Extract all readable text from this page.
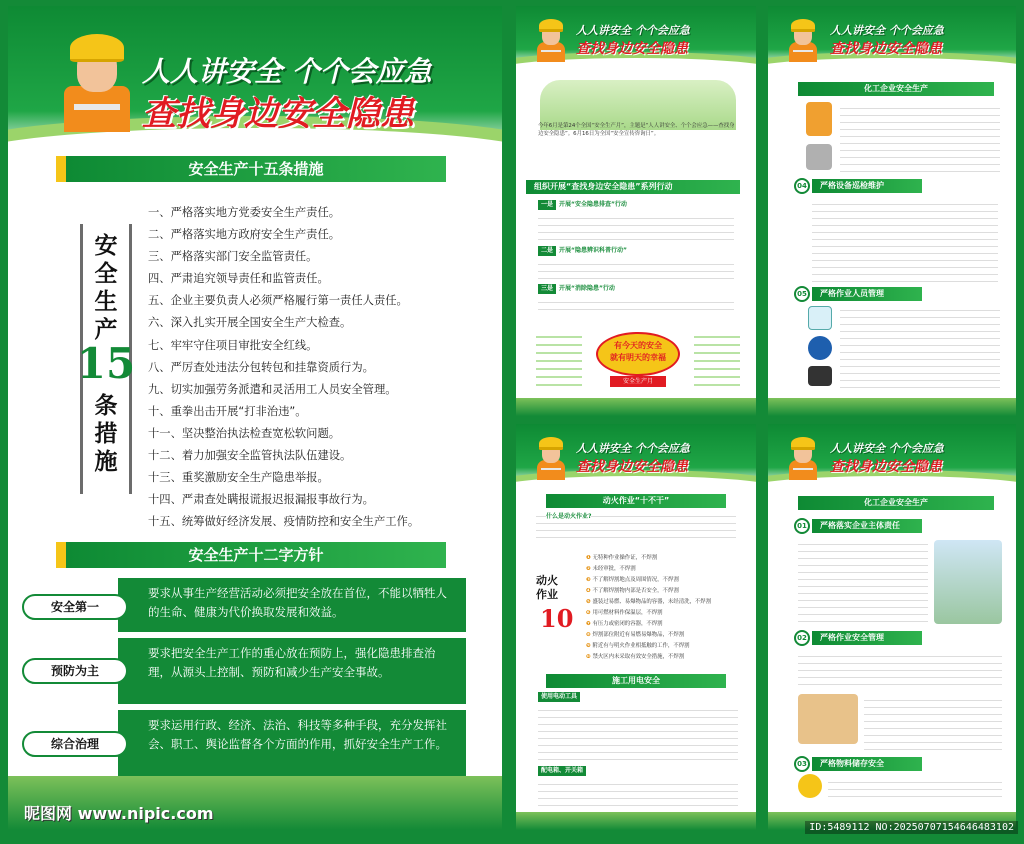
人人讲安全 个个会应急
查找身边安全隐患
安全生产十五条措施
安全生产
15
条措施
一、严格落实地方党委安全生产责任。
二、严格落实地方政府安全生产责任。
三、严格落实部门安全监管责任。
四、严肃追究领导责任和监管责任。
五、企业主要负责人必须严格履行第一责任人责任。
六、深入扎实开展全国安全生产大检查。
七、牢牢守住项目审批安全红线。
八、严厉查处违法分包转包和挂靠资质行为。
九、切实加强劳务派遣和灵活用工人员安全管理。
十、重拳出击开展“打非治违”。
十一、坚决整治执法检查宽松软问题。
十二、着力加强安全监管执法队伍建设。
十三、重奖激励安全生产隐患举报。
十四、严肃查处瞒报谎报迟报漏报事故行为。
十五、统筹做好经济发展、疫情防控和安全生产工作。
安全生产十二字方针
安全第一
要求从事生产经营活动必须把安全放在首位，不能以牺牲人的生命、健康为代价换取发展和效益。
预防为主
要求把安全生产工作的重心放在预防上，强化隐患排查治理，从源头上控制、预防和减少生产安全事故。
综合治理
要求运用行政、经济、法治、科技等多种手段，充分发挥社会、职工、舆论监督各个方面的作用，抓好安全生产工作。
昵图网 www.nipic.com
人人讲安全 个个会应急
查找身边安全隐患
今年6月是第24个全国“安全生产月”，主题是“人人讲安全、个个会应急——查找身边安全隐患”。6月16日为全国“安全宣传咨询日”。
组织开展“查找身边安全隐患”系列行动
一是 开展“安全隐患排查”行动
二是 开展“隐患辨识科普行动”
三是 开展“消除隐患”行动
有今天的安全
就有明天的幸福
安全生产月
人人讲安全 个个会应急
查找身边安全隐患
化工企业安全生产
04	严格设备巡检维护
05	严格作业人员管理
人人讲安全 个个会应急
查找身边安全隐患
动火作业“十不干”
什么是动火作业?
动火
作业
10
❶ 无特种作业操作证，不焊割
❷ 未经审批，不焊割
❸ 不了解焊割地点及周围情况，不焊割
❹ 不了解焊割物内部是否安全，不焊割
❺ 盛装过易燃、易爆物品的容器，未经清洗，不焊割
❻ 用可燃材料作保温层，不焊割
❼ 有压力或密闭的容器，不焊割
❽ 焊割部位附近有易燃易爆物品，不焊割
❾ 附近有与明火作业相抵触的工作，不焊割
❿ 禁火区内未采取有效安全措施，不焊割
施工用电安全
使用电动工具
配电箱、开关箱
人人讲安全 个个会应急
查找身边安全隐患
化工企业安全生产
01	严格落实企业主体责任
02	严格作业安全管理
03	严格物料储存安全
ID:5489112 NO:20250707154646483102
